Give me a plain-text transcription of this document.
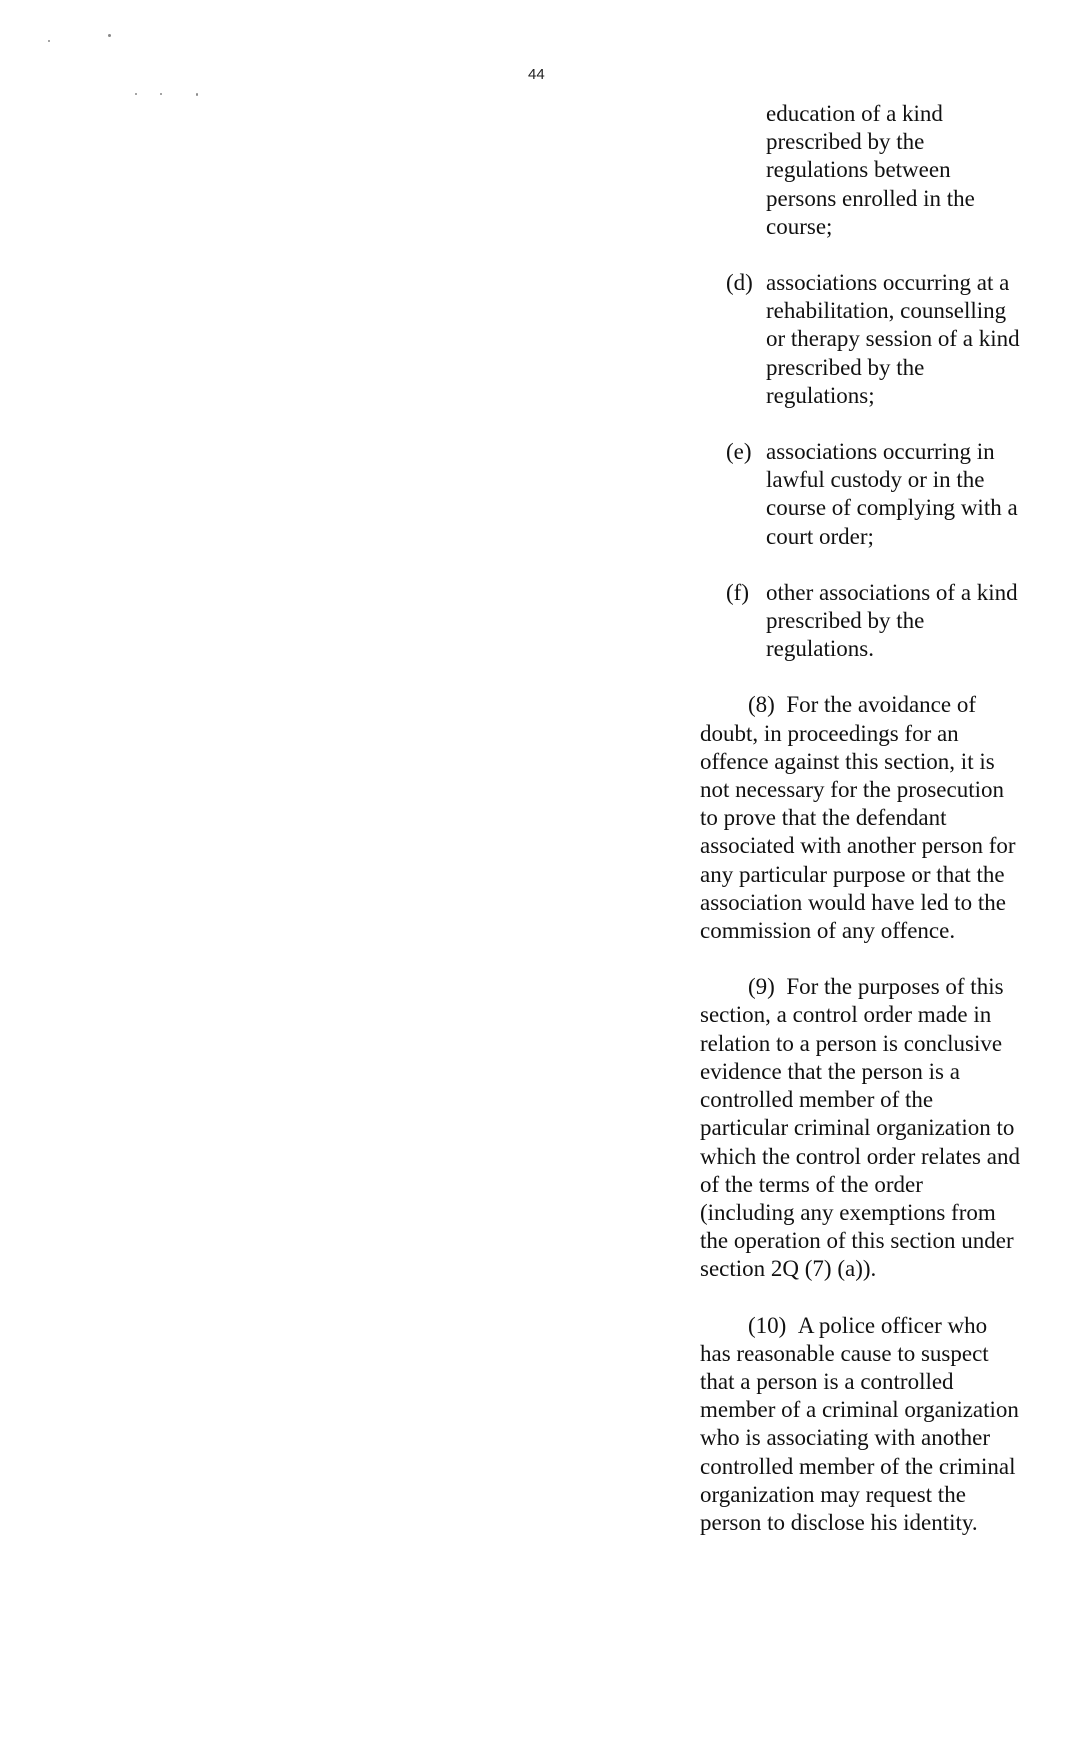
44

education of a kind prescribed by the regulations between persons enrolled in the course;

(d) associations occurring at a rehabilitation, counselling or therapy session of a kind prescribed by the regulations;
(e) associations occurring in lawful custody or in the course of complying with a court order;
(f) other associations of a kind prescribed by the regulations.

(8) For the avoidance of doubt, in proceedings for an offence against this section, it is not necessary for the prosecution to prove that the defendant associated with another person for any particular purpose or that the association would have led to the commission of any offence.

(9) For the purposes of this section, a control order made in relation to a person is conclusive evidence that the person is a controlled member of the particular criminal organization to which the control order relates and of the terms of the order (including any exemptions from the operation of this section under section 2Q (7) (a)).

(10) A police officer who has reasonable cause to suspect that a person is a controlled member of a criminal organization who is associating with another controlled member of the criminal organization may request the person to disclose his identity.
